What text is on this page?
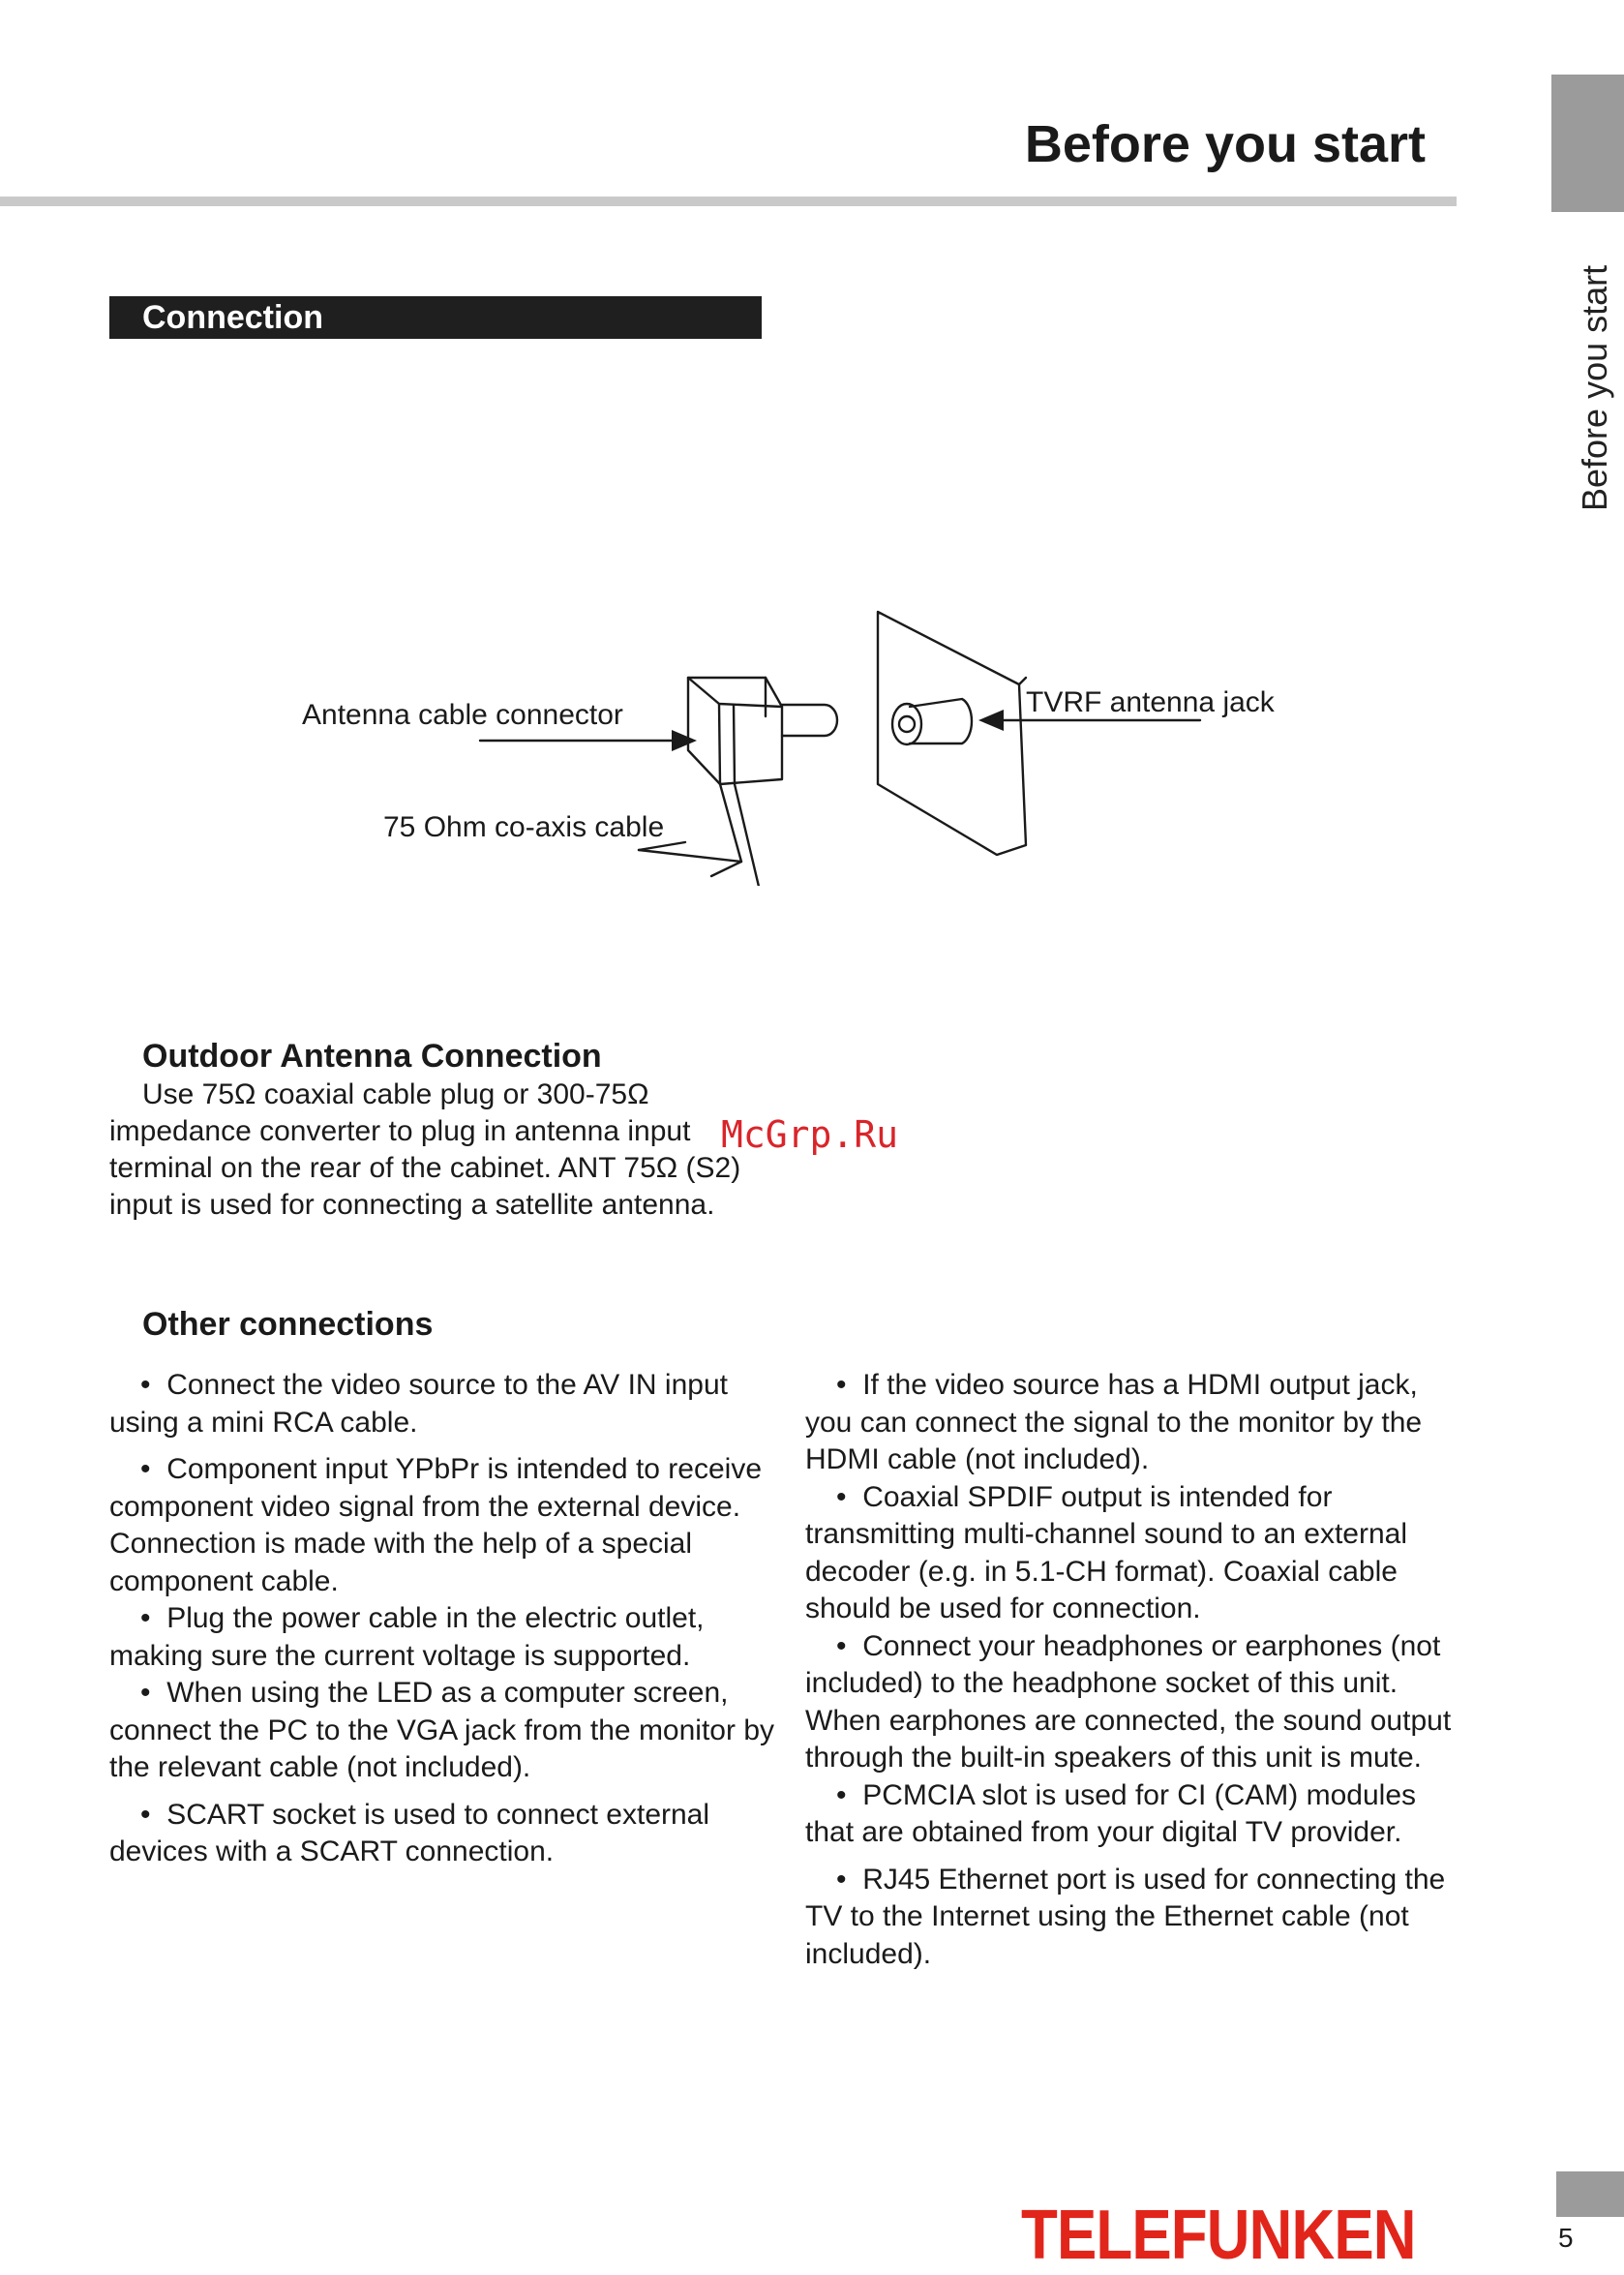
Before you start
Before you start
Connection
Antenna cable connector
75 Ohm co-axis cable
TVRF antenna jack
Outdoor Antenna Connection

Use 75Ω coaxial cable plug or 300-75Ω impedance converter to plug in antenna input terminal on the rear of the cabinet. ANT 75Ω (S2) input is used for connecting a satellite antenna.

Other connections

•  Connect the video source to the AV IN input using a mini RCA cable.

•  Component input YPbPr is intended to receive component video signal from the external device. Connection is made with the help of a special component cable.

•  Plug the power cable in the electric outlet, making sure the current voltage is supported.

•  When using the LED as a computer screen, connect the PC to the VGA jack from the monitor by the relevant cable (not included).

•  SCART socket is used to connect external devices with a SCART connection.

•  If the video source has a HDMI output jack, you can connect the signal to the monitor by the HDMI cable (not included).

•  Coaxial SPDIF output is intended for transmitting multi-channel sound to an external decoder (e.g. in 5.1-CH format). Coaxial cable should be used for connection.

•  Connect your headphones or earphones (not included) to the headphone socket of this unit. When earphones are connected, the sound output through the built-in speakers of this unit is mute.

•  PCMCIA slot is used for CI (CAM) modules that are obtained from your digital TV provider.

•  RJ45 Ethernet port is used for connecting the TV to the Internet using the Ethernet cable (not included).

McGrp.Ru
TELEFUNKEN	5
